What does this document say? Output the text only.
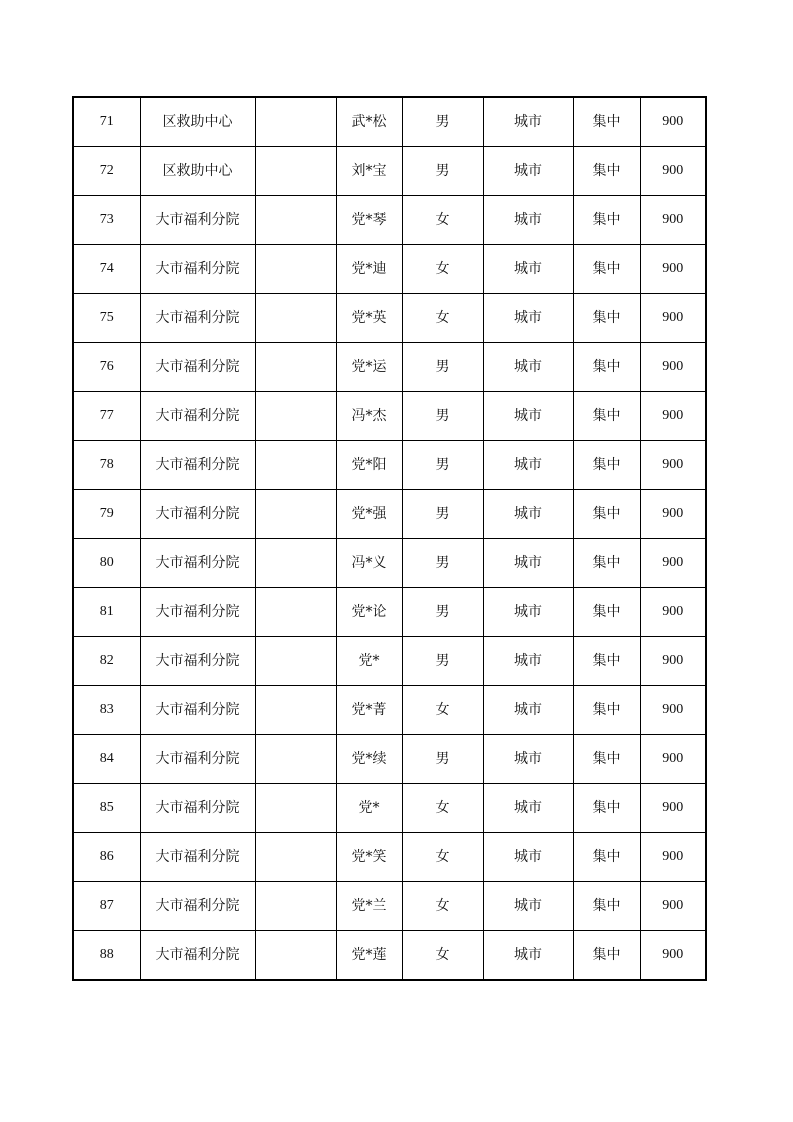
71	区救助中心		武*松	男	城市	集中	900
72	区救助中心		刘*宝	男	城市	集中	900
73	大市福利分院		党*琴	女	城市	集中	900
74	大市福利分院		党*迪	女	城市	集中	900
75	大市福利分院		党*英	女	城市	集中	900
76	大市福利分院		党*运	男	城市	集中	900
77	大市福利分院		冯*杰	男	城市	集中	900
78	大市福利分院		党*阳	男	城市	集中	900
79	大市福利分院		党*强	男	城市	集中	900
80	大市福利分院		冯*义	男	城市	集中	900
81	大市福利分院		党*论	男	城市	集中	900
82	大市福利分院		党*	男	城市	集中	900
83	大市福利分院		党*菁	女	城市	集中	900
84	大市福利分院		党*续	男	城市	集中	900
85	大市福利分院		党*	女	城市	集中	900
86	大市福利分院		党*笑	女	城市	集中	900
87	大市福利分院		党*兰	女	城市	集中	900
88	大市福利分院		党*莲	女	城市	集中	900
